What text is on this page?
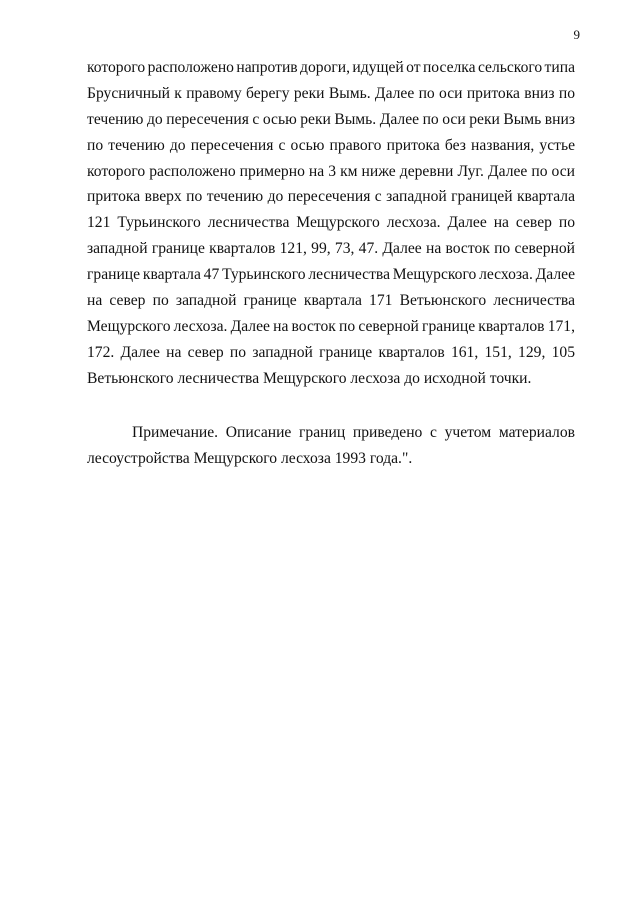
9
которого расположено напротив дороги, идущей от поселка сельского типа
Брусничный к правому берегу реки Вымь. Далее по оси притока вниз по
течению до пересечения с осью реки Вымь. Далее по оси реки Вымь вниз
по течению до пересечения с осью правого притока без названия, устье
которого расположено примерно на 3 км ниже деревни Луг. Далее по оси
притока вверх по течению до пересечения с западной границей квартала
121 Турьинского лесничества Мещурского лесхоза. Далее на север по
западной границе кварталов 121, 99, 73, 47. Далее на восток по северной
границе квартала 47 Турьинского лесничества Мещурского лесхоза. Далее
на север по западной границе квартала 171 Ветьюнского лесничества
Мещурского лесхоза. Далее на восток по северной границе кварталов 171,
172. Далее на север по западной границе кварталов 161, 151, 129, 105
Ветьюнского лесничества Мещурского лесхоза до исходной точки.
Примечание. Описание границ приведено с учетом материалов
лесоустройства Мещурского лесхоза 1993 года.".
